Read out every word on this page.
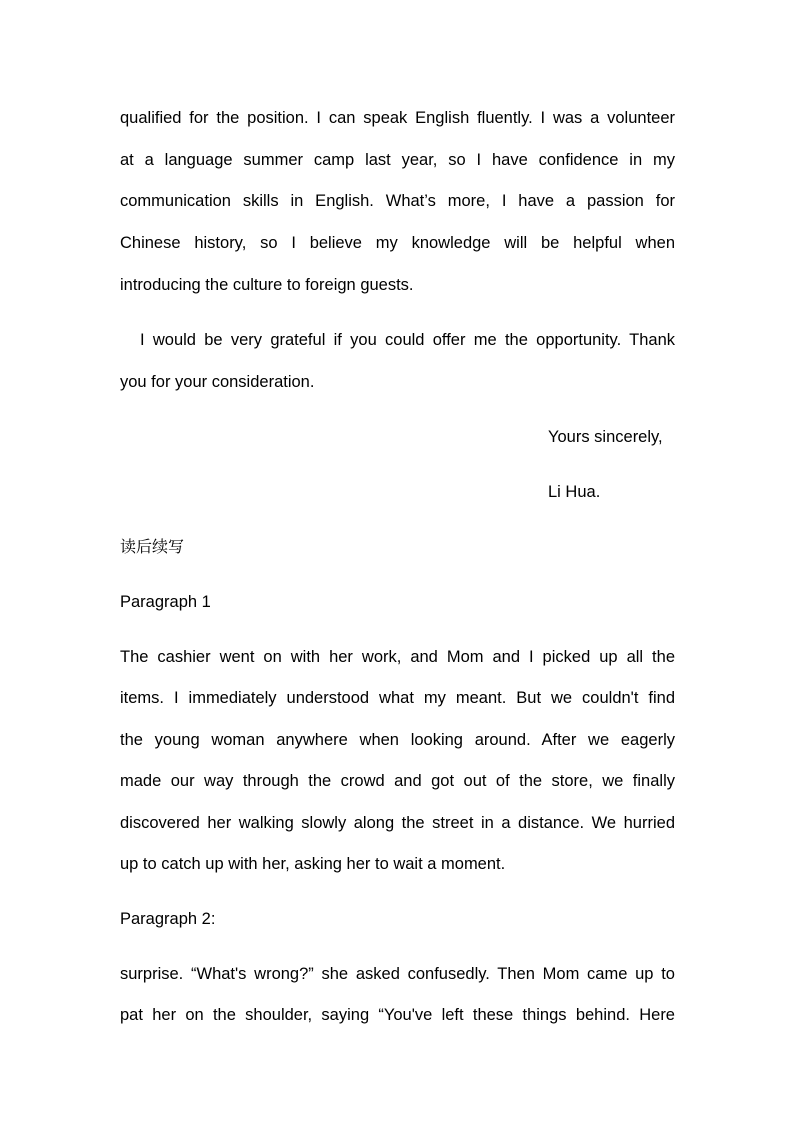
qualified for the position. I can speak English fluently. I was a volunteer
at a language summer camp last year, so I have confidence in my
communication skills in English. What’s more, I have a passion for
Chinese history, so I believe my knowledge will be helpful when
introducing the culture to foreign guests.
I would be very grateful if you could offer me the opportunity. Thank
you for your consideration.
Yours sincerely,
Li Hua.
读后续写
Paragraph 1
The cashier went on with her work, and Mom and I picked up all the
items. I immediately understood what my meant. But we couldn't find
the young woman anywhere when looking around. After we eagerly
made our way through the crowd and got out of the store, we finally
discovered her walking slowly along the street in a distance. We hurried
up to catch up with her, asking her to wait a moment.
Paragraph 2:
surprise. “What's wrong?” she asked confusedly. Then Mom came up to
pat her on the shoulder, saying “You've left these things behind. Here
